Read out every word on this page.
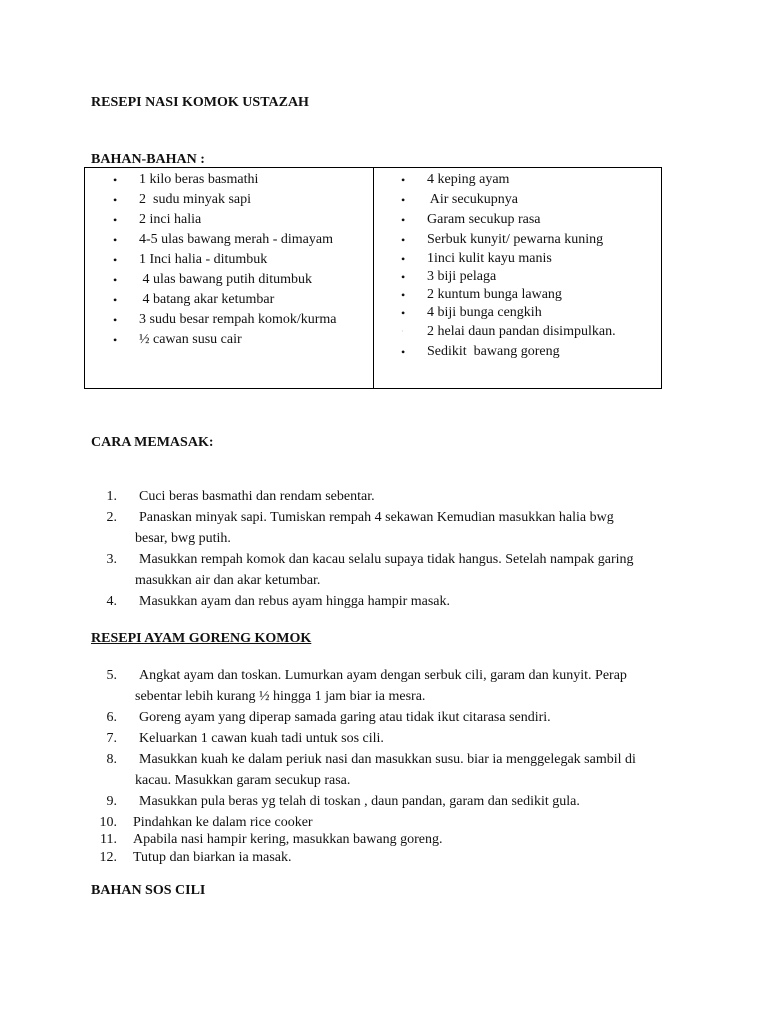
RESEPI NASI KOMOK USTAZAH
BAHAN-BAHAN :
• 1 kilo beras basmathi
• 2  sudu minyak sapi
• 2 inci halia
• 4-5 ulas bawang merah - dimayam
• 1 Inci halia - ditumbuk
• 4 ulas bawang putih ditumbuk
• 4 batang akar ketumbar
• 3 sudu besar rempah komok/kurma
• ½ cawan susu cair
• 4 keping ayam
• Air secukupnya
• Garam secukup rasa
• Serbuk kunyit/ pewarna kuning
• 1inci kulit kayu manis
• 3 biji pelaga
• 2 kuntum bunga lawang
• 4 biji bunga cengkih
· 2 helai daun pandan disimpulkan.
• Sedikit  bawang goreng
CARA MEMASAK:
1. Cuci beras basmathi dan rendam sebentar.
2. Panaskan minyak sapi. Tumiskan rempah 4 sekawan Kemudian masukkan halia bwg
besar, bwg putih.
3. Masukkan rempah komok dan kacau selalu supaya tidak hangus. Setelah nampak garing
masukkan air dan akar ketumbar.
4. Masukkan ayam dan rebus ayam hingga hampir masak.
RESEPI AYAM GORENG KOMOK
5. Angkat ayam dan toskan. Lumurkan ayam dengan serbuk cili, garam dan kunyit. Perap
sebentar lebih kurang ½ hingga 1 jam biar ia mesra.
6. Goreng ayam yang diperap samada garing atau tidak ikut citarasa sendiri.
7. Keluarkan 1 cawan kuah tadi untuk sos cili.
8. Masukkan kuah ke dalam periuk nasi dan masukkan susu. biar ia menggelegak sambil di
kacau. Masukkan garam secukup rasa.
9. Masukkan pula beras yg telah di toskan , daun pandan, garam dan sedikit gula.
10. Pindahkan ke dalam rice cooker
11. Apabila nasi hampir kering, masukkan bawang goreng.
12. Tutup dan biarkan ia masak.
BAHAN SOS CILI
